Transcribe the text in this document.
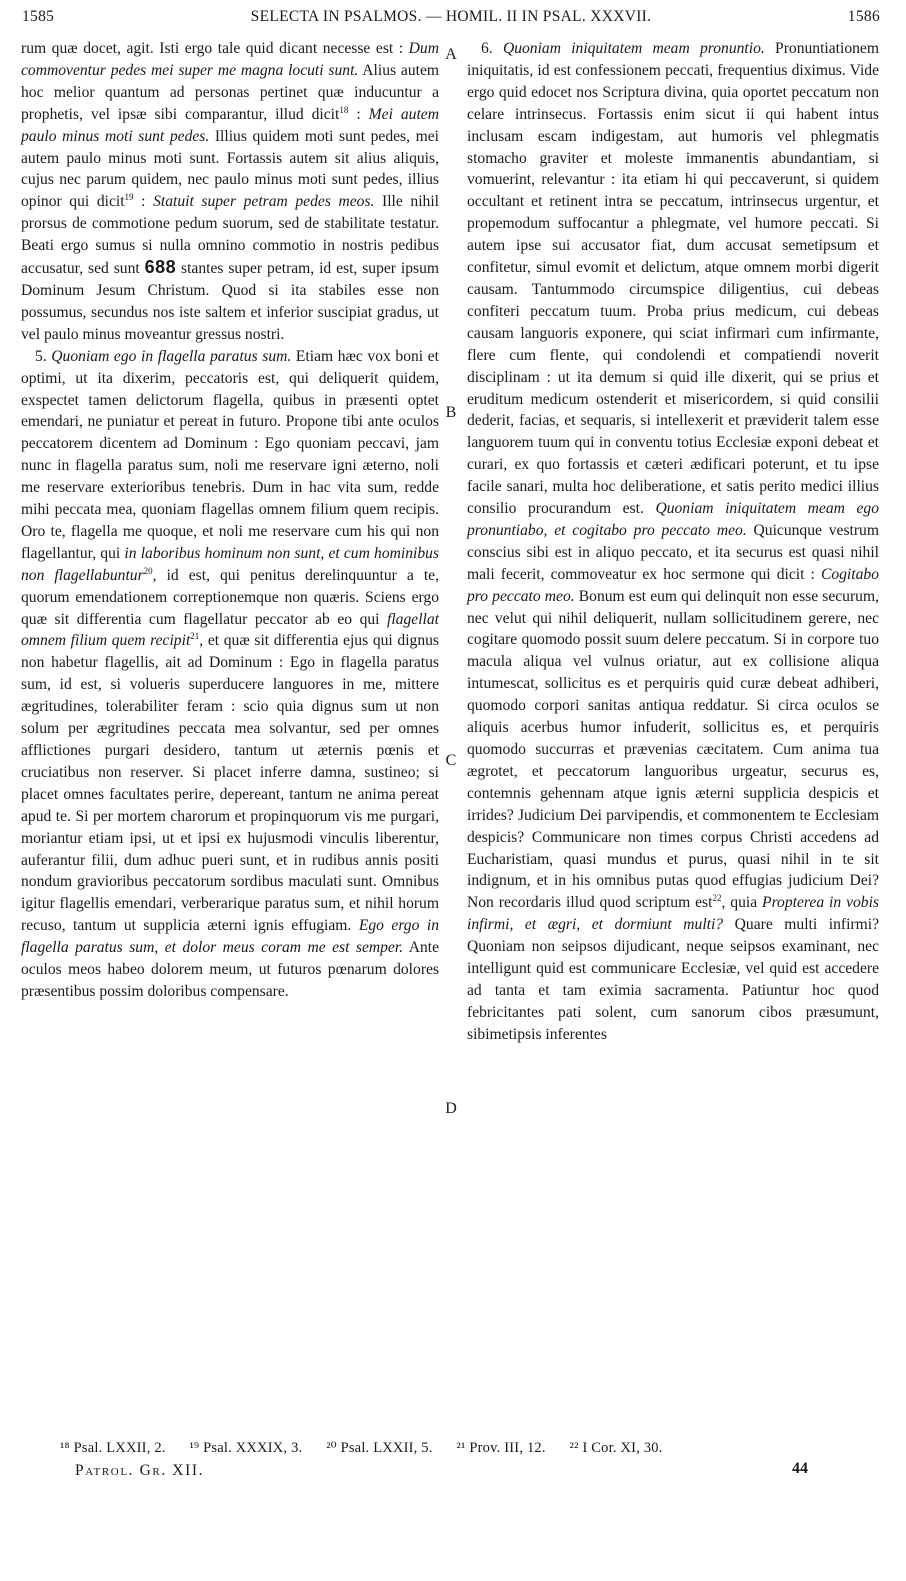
1585	SELECTA IN PSALMOS. — HOMIL. II IN PSAL. XXXVII.	1586

rum quæ docet, agit. Isti ergo tale quid dicant necesse est : Dum commoventur pedes mei super me magna locuti sunt. Alius autem hoc melior quantum ad personas pertinet quæ inducuntur a prophetis, vel ipsæ sibi comparantur, illud dicit$^{18}$ : Mei autem paulo minus moti sunt pedes. Illius quidem moti sunt pedes, mei autem paulo minus moti sunt. Fortassis autem sit alius aliquis, cujus nec parum quidem, nec paulo minus moti sunt pedes, illius opinor qui dicit$^{19}$ : Statuit super petram pedes meos. Ille nihil prorsus de commotione pedum suorum, sed de stabilitate testatur. Beati ergo sumus si nulla omnino commotio in nostris pedibus accusatur, sed sunt 688 stantes super petram, id est, super ipsum Dominum Jesum Christum. Quod si ita stabiles esse non possumus, secundus nos iste saltem et inferior suscipiat gradus, ut vel paulo minus moveantur gressus nostri.

5. Quoniam ego in flagella paratus sum. Etiam hæc vox boni et optimi, ut ita dixerim, peccatoris est, qui deliquerit quidem, exspectet tamen delictorum flagella, quibus in præsenti optet emendari, ne puniatur et pereat in futuro. Propone tibi ante oculos peccatorem dicentem ad Dominum : Ego quoniam peccavi, jam nunc in flagella paratus sum, noli me reservare igni æterno, noli me reservare exterioribus tenebris. Dum in hac vita sum, redde mihi peccata mea, quoniam flagellas omnem filium quem recipis. Oro te, flagella me quoque, et noli me reservare cum his qui non flagellantur, qui in laboribus hominum non sunt, et cum hominibus non flagellabuntur$^{20}$, id est, qui penitus derelinquuntur a te, quorum emendationem correptionemque non quæris. Sciens ergo quæ sit differentia cum flagellatur peccator ab eo qui flagellat omnem filium quem recipit$^{21}$, et quæ sit differentia ejus qui dignus non habetur flagellis, ait ad Dominum : Ego in flagella paratus sum, id est, si volueris superducere languores in me, mittere ægritudines, tolerabiliter feram : scio quia dignus sum ut non solum per ægritudines peccata mea solvantur, sed per omnes afflictiones purgari desidero, tantum ut æternis pœnis et cruciatibus non reserver. Si placet inferre damna, sustineo; si placet omnes facultates perire, depereant, tantum ne anima pereat apud te. Si per mortem charorum et propinquorum vis me purgari, moriantur etiam ipsi, ut et ipsi ex hujusmodi vinculis liberentur, auferantur filii, dum adhuc pueri sunt, et in rudibus annis positi nondum gravioribus peccatorum sordibus maculati sunt. Omnibus igitur flagellis emendari, verberarique paratus sum, et nihil horum recuso, tantum ut supplicia æterni ignis effugiam. Ego ergo in flagella paratus sum, et dolor meus coram me est semper. Ante oculos meos habeo dolorem meum, ut futuros pœnarum dolores præsentibus possim doloribus compensare.

A
B
C
D

6. Quoniam iniquitatem meam pronuntio. Pronuntiationem iniquitatis, id est confessionem peccati, frequentius diximus. Vide ergo quid edocet nos Scriptura divina, quia oportet peccatum non celare intrinsecus. Fortassis enim sicut ii qui habent intus inclusam escam indigestam, aut humoris vel phlegmatis stomacho graviter et moleste immanentis abundantiam, si vomuerint, relevantur : ita etiam hi qui peccaverunt, si quidem occultant et retinent intra se peccatum, intrinsecus urgentur, et propemodum suffocantur a phlegmate, vel humore peccati. Si autem ipse sui accusator fiat, dum accusat semetipsum et confitetur, simul evomit et delictum, atque omnem morbi digerit causam. Tantummodo circumspice diligentius, cui debeas confiteri peccatum tuum. Proba prius medicum, cui debeas causam languoris exponere, qui sciat infirmari cum infirmante, flere cum flente, qui condolendi et compatiendi noverit disciplinam : ut ita demum si quid ille dixerit, qui se prius et eruditum medicum ostenderit et misericordem, si quid consilii dederit, facias, et sequaris, si intellexerit et præviderit talem esse languorem tuum qui in conventu totius Ecclesiæ exponi debeat et curari, ex quo fortassis et cæteri ædificari poterunt, et tu ipse facile sanari, multa hoc deliberatione, et satis perito medici illius consilio procurandum est. Quoniam iniquitatem meam ego pronuntiabo, et cogitabo pro peccato meo. Quicunque vestrum conscius sibi est in aliquo peccato, et ita securus est quasi nihil mali fecerit, commoveatur ex hoc sermone qui dicit : Cogitabo pro peccato meo. Bonum est eum qui delinquit non esse securum, nec velut qui nihil deliquerit, nullam sollicitudinem gerere, nec cogitare quomodo possit suum delere peccatum. Si in corpore tuo macula aliqua vel vulnus oriatur, aut ex collisione aliqua intumescat, sollicitus es et perquiris quid curæ debeat adhiberi, quomodo corpori sanitas antiqua reddatur. Si circa oculos se aliquis acerbus humor infuderit, sollicitus es, et perquiris quomodo succurras et prævenias cæcitatem. Cum anima tua ægrotet, et peccatorum languoribus urgeatur, securus es, contemnis gehennam atque ignis æterni supplicia despicis et irrides? Judicium Dei parvipendis, et commonentem te Ecclesiam despicis? Communicare non times corpus Christi accedens ad Eucharistiam, quasi mundus et purus, quasi nihil in te sit indignum, et in his omnibus putas quod effugias judicium Dei? Non recordaris illud quod scriptum est$^{22}$, quia Propterea in vobis infirmi, et ægri, et dormiunt multi? Quare multi infirmi? Quoniam non seipsos dijudicant, neque seipsos examinant, nec intelligunt quid est communicare Ecclesiæ, vel quid est accedere ad tanta et tam eximia sacramenta. Patiuntur hoc quod febricitantes pati solent, cum sanorum cibos præsumunt, sibimetipsis inferentes

¹⁸ Psal. LXXII, 2. ¹⁹ Psal. XXXIX, 3. ²⁰ Psal. LXXII, 5. ²¹ Prov. III, 12. ²² I Cor. XI, 30.
Patrol. Gr. XII.	44
